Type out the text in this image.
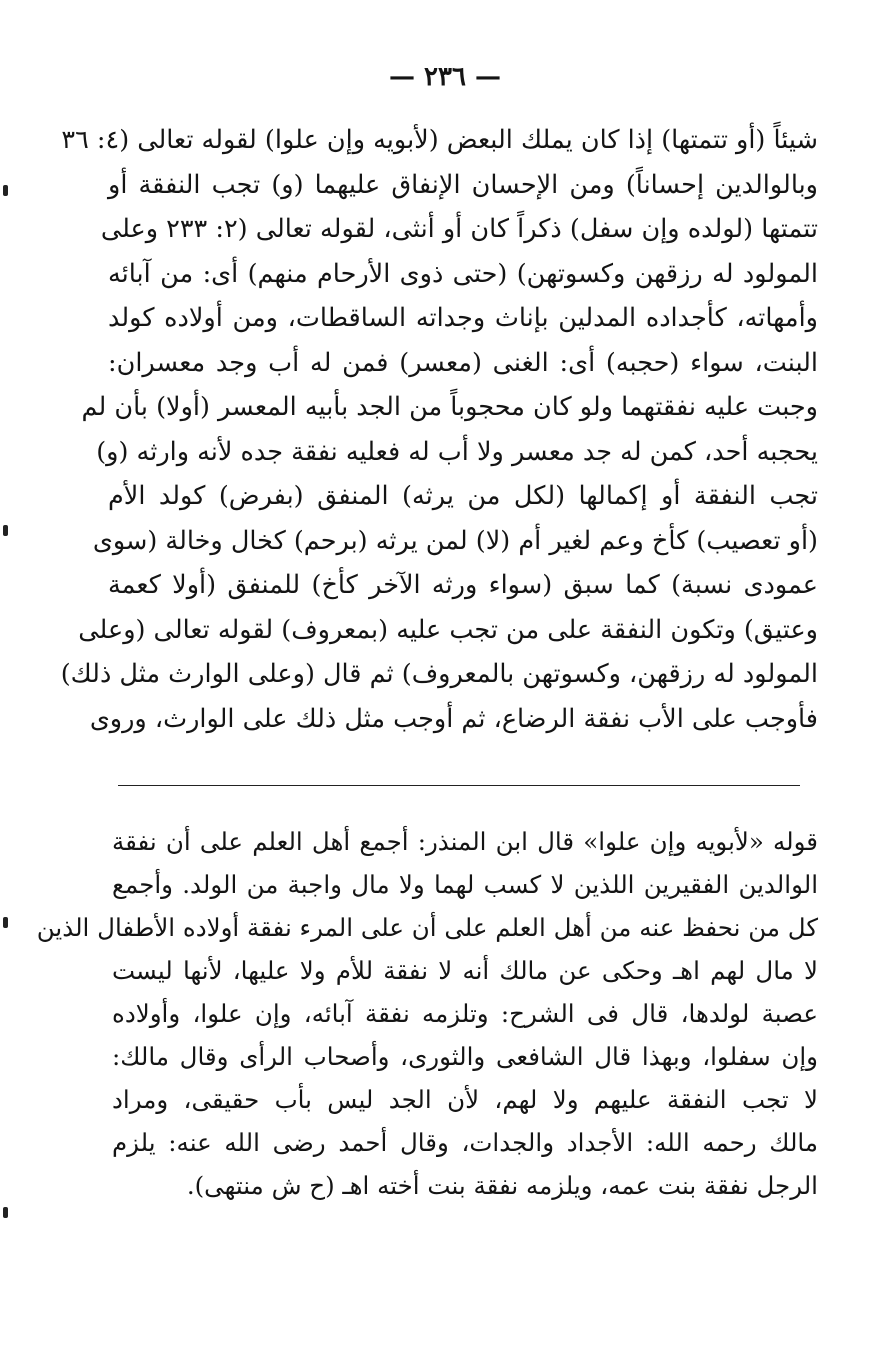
— ٢٣٦ —
شيئاً (أو تتمتها) إذا كان يملك البعض (لأبويه وإن علوا) لقوله تعالى (٤: ٣٦
وبالوالدين إحساناً) ومن الإحسان الإنفاق عليهما (و) تجب النفقة أو
تتمتها (لولده وإن سفل) ذكراً كان أو أنثى، لقوله تعالى (٢: ٢٣٣ وعلى
المولود له رزقهن وكسوتهن) (حتى ذوى الأرحام منهم) أى: من آبائه
وأمهاته، كأجداده المدلين بإناث وجداته الساقطات، ومن أولاده كولد
البنت، سواء (حجبه) أى: الغنى (معسر) فمن له أب وجد معسران:
وجبت عليه نفقتهما ولو كان محجوباً من الجد بأبيه المعسر (أولا) بأن لم
يحجبه أحد، كمن له جد معسر ولا أب له فعليه نفقة جده لأنه وارثه (و)
تجب النفقة أو إكمالها (لكل من يرثه) المنفق (بفرض) كولد الأم
(أو تعصيب) كأخ وعم لغير أم (لا) لمن يرثه (برحم) كخال وخالة (سوى
عمودى نسبة) كما سبق (سواء ورثه الآخر كأخ) للمنفق (أولا كعمة
وعتيق) وتكون النفقة على من تجب عليه (بمعروف) لقوله تعالى (وعلى
المولود له رزقهن، وكسوتهن بالمعروف) ثم قال (وعلى الوارث مثل ذلك)
فأوجب على الأب نفقة الرضاع، ثم أوجب مثل ذلك على الوارث، وروى
قوله «لأبويه وإن علوا» قال ابن المنذر: أجمع أهل العلم على أن نفقة
الوالدين الفقيرين اللذين لا كسب لهما ولا مال واجبة من الولد. وأجمع
كل من نحفظ عنه من أهل العلم على أن على المرء نفقة أولاده الأطفال الذين
لا مال لهم اهـ وحكى عن مالك أنه لا نفقة للأم ولا عليها، لأنها ليست
عصبة لولدها، قال فى الشرح: وتلزمه نفقة آبائه، وإن علوا، وأولاده
وإن سفلوا، وبهذا قال الشافعى والثورى، وأصحاب الرأى وقال مالك:
لا تجب النفقة عليهم ولا لهم، لأن الجد ليس بأب حقيقى، ومراد
مالك رحمه الله: الأجداد والجدات، وقال أحمد رضى الله عنه: يلزم
الرجل نفقة بنت عمه، ويلزمه نفقة بنت أخته اهـ (ح ش منتهى).
